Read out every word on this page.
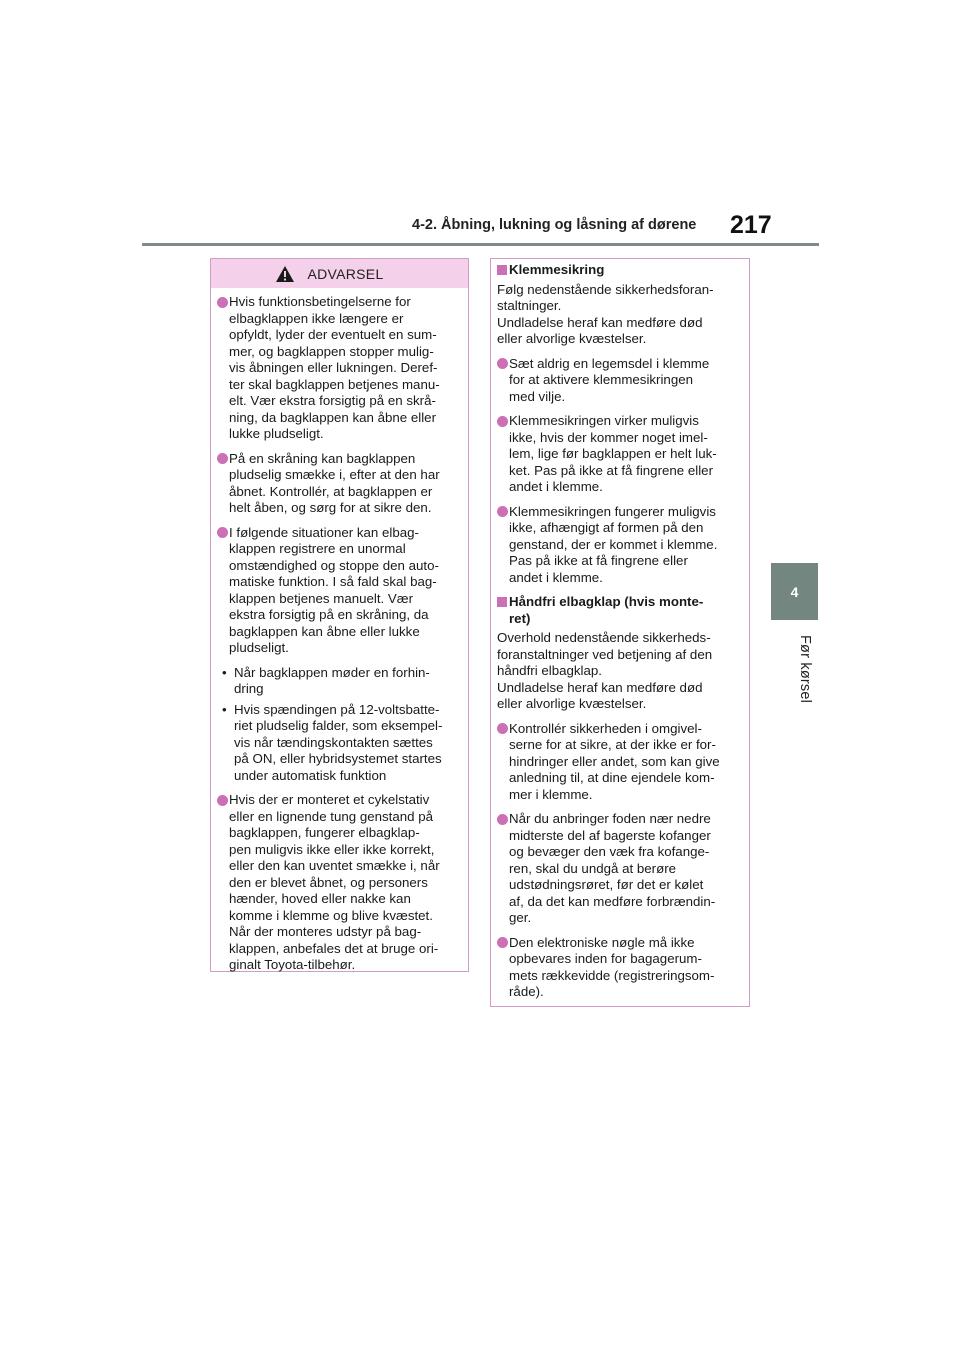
4-2. Åbning, lukning og låsning af dørene 217
4
Før kørsel
ADVARSEL
Hvis funktionsbetingelserne for
elbagklappen ikke længere er
opfyldt, lyder der eventuelt en sum-
mer, og bagklappen stopper mulig-
vis åbningen eller lukningen. Deref-
ter skal bagklappen betjenes manu-
elt. Vær ekstra forsigtig på en skrå-
ning, da bagklappen kan åbne eller
lukke pludseligt.
På en skråning kan bagklappen
pludselig smække i, efter at den har
åbnet. Kontrollér, at bagklappen er
helt åben, og sørg for at sikre den.
I følgende situationer kan elbag-
klappen registrere en unormal
omstændighed og stoppe den auto-
matiske funktion. I så fald skal bag-
klappen betjenes manuelt. Vær
ekstra forsigtig på en skråning, da
bagklappen kan åbne eller lukke
pludseligt.
• Når bagklappen møder en forhin-
dring
• Hvis spændingen på 12-voltsbatte-
riet pludselig falder, som eksempel-
vis når tændingskontakten sættes
på ON, eller hybridsystemet startes
under automatisk funktion
Hvis der er monteret et cykelstativ
eller en lignende tung genstand på
bagklappen, fungerer elbagklap-
pen muligvis ikke eller ikke korrekt,
eller den kan uventet smække i, når
den er blevet åbnet, og personers
hænder, hoved eller nakke kan
komme i klemme og blive kvæstet.
Når der monteres udstyr på bag-
klappen, anbefales det at bruge ori-
ginalt Toyota-tilbehør.
Klemmesikring
Følg nedenstående sikkerhedsforan-
staltninger.
Undladelse heraf kan medføre død
eller alvorlige kvæstelser.
Sæt aldrig en legemsdel i klemme
for at aktivere klemmesikringen
med vilje.
Klemmesikringen virker muligvis
ikke, hvis der kommer noget imel-
lem, lige før bagklappen er helt luk-
ket. Pas på ikke at få fingrene eller
andet i klemme.
Klemmesikringen fungerer muligvis
ikke, afhængigt af formen på den
genstand, der er kommet i klemme.
Pas på ikke at få fingrene eller
andet i klemme.
Håndfri elbagklap (hvis monte-
ret)
Overhold nedenstående sikkerheds-
foranstaltninger ved betjening af den
håndfri elbagklap.
Undladelse heraf kan medføre død
eller alvorlige kvæstelser.
Kontrollér sikkerheden i omgivel-
serne for at sikre, at der ikke er for-
hindringer eller andet, som kan give
anledning til, at dine ejendele kom-
mer i klemme.
Når du anbringer foden nær nedre
midterste del af bagerste kofanger
og bevæger den væk fra kofange-
ren, skal du undgå at berøre
udstødningsrøret, før det er kølet
af, da det kan medføre forbrændin-
ger.
Den elektroniske nøgle må ikke
opbevares inden for bagagerum-
mets rækkevidde (registreringsom-
råde).
